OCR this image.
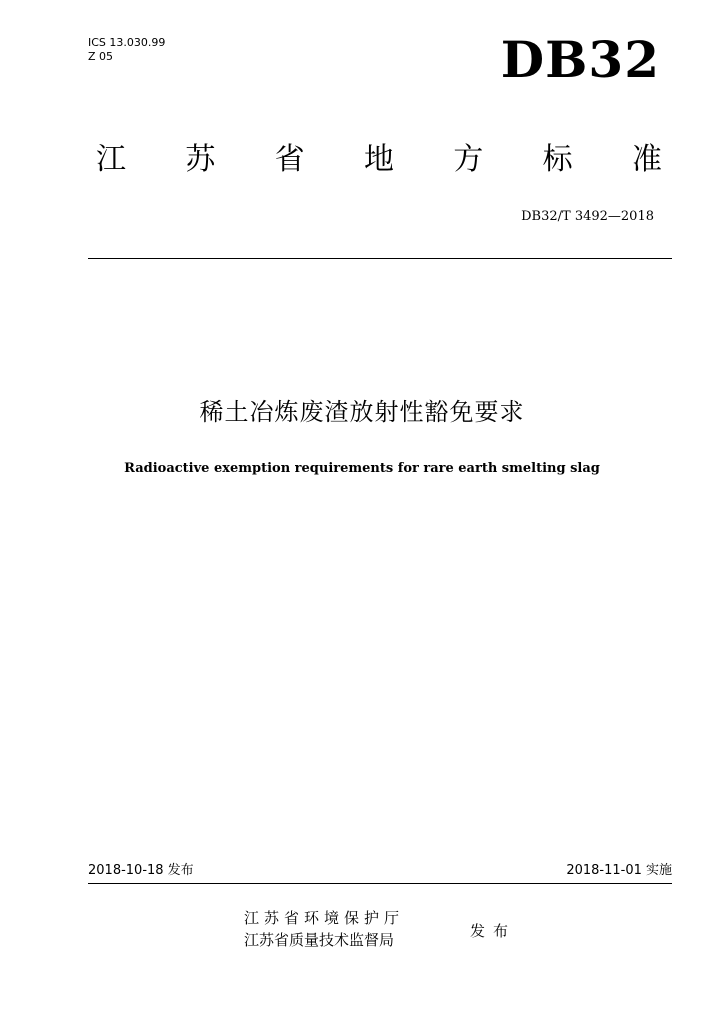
ICS 13.030.99
Z 05	DB32
江 苏 省 地 方 标 准
DB32/T 3492—2018
稀土冶炼废渣放射性豁免要求
Radioactive exemption requirements for rare earth smelting slag
2018-10-18 发布	2018-11-01 实施
江苏省环境保护厅
江苏省质量技术监督局	发布
